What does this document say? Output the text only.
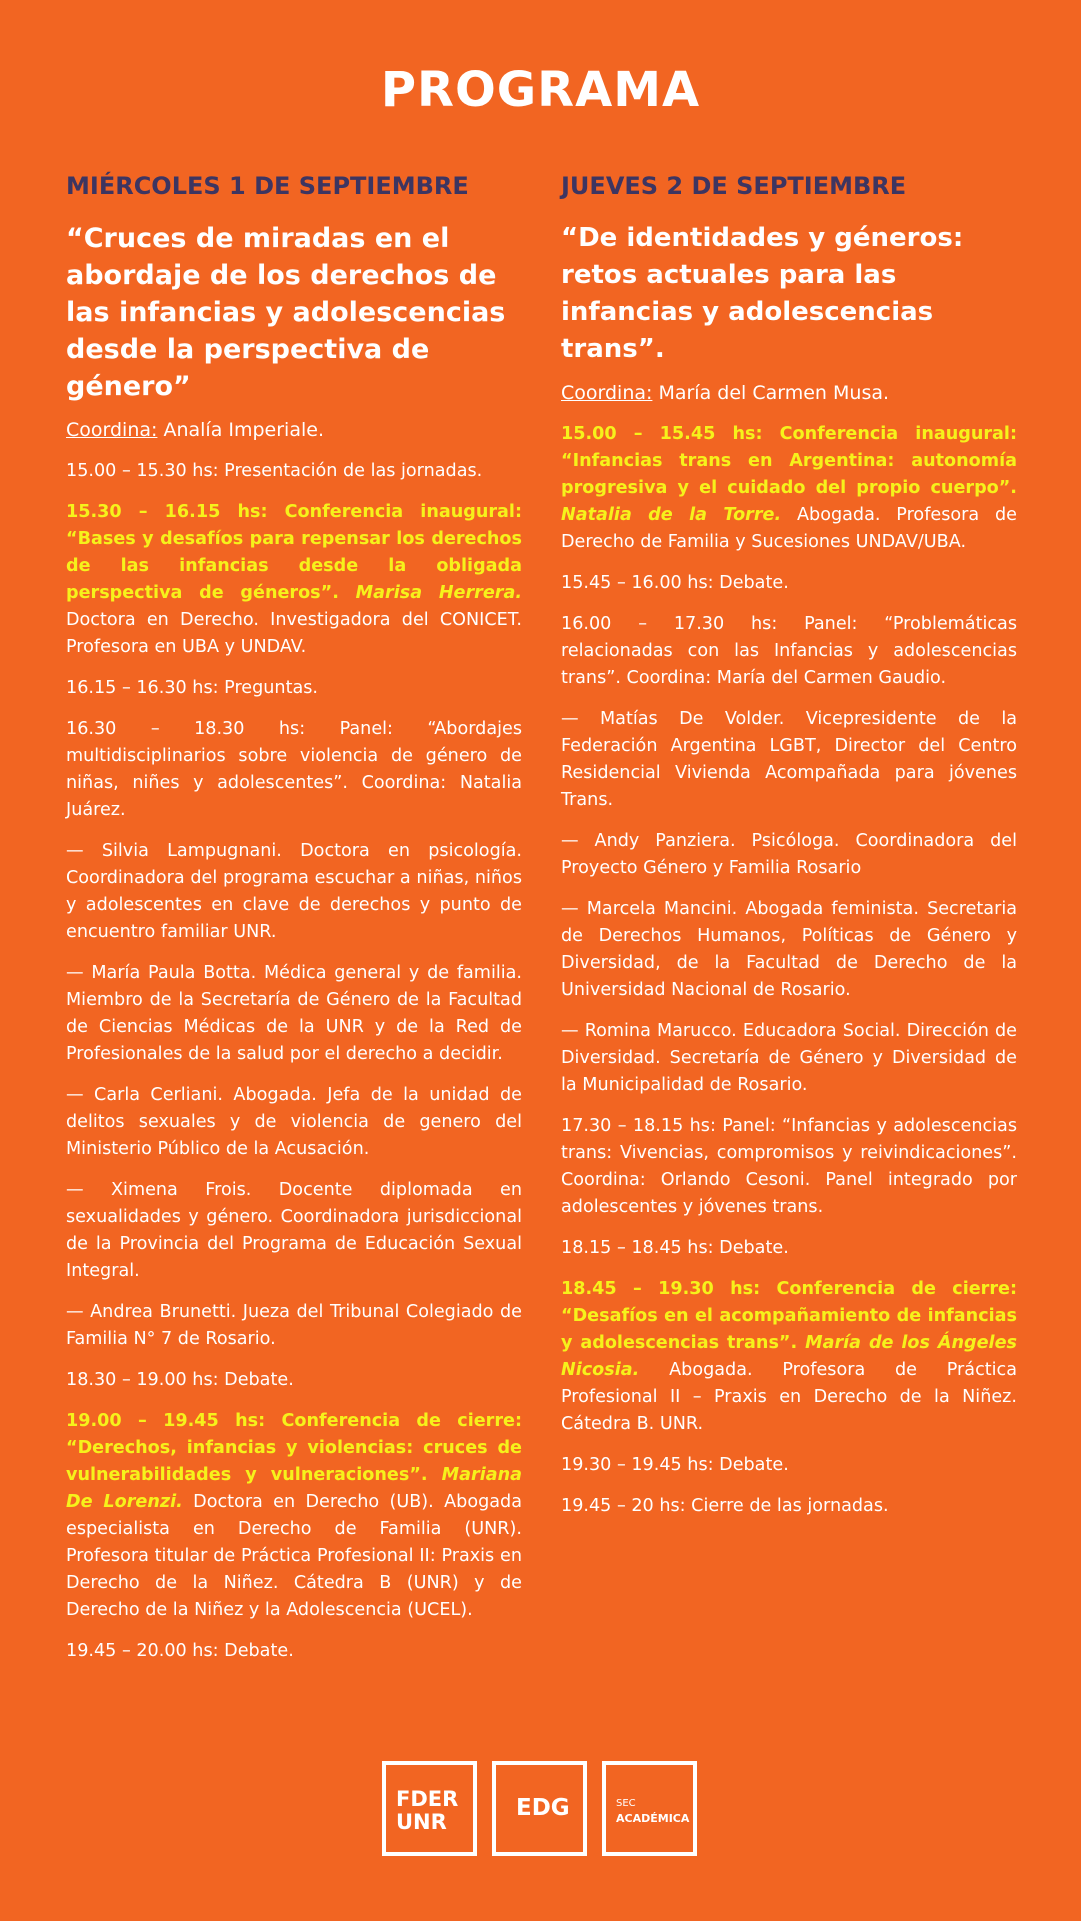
PROGRAMA
MIÉRCOLES 1 DE SEPTIEMBRE
“Cruces de miradas en el abordaje de los derechos de las infancias y adolescencias desde la perspectiva de género”
Coordina: Analía Imperiale.

15.00 – 15.30 hs: Presentación de las jornadas.

15.30 – 16.15 hs: Conferencia inaugural: “Bases y desafíos para repensar los derechos de las infancias desde la obligada perspectiva de géneros”. Marisa Herrera. Doctora en Derecho. Investigadora del CONICET. Profesora en UBA y UNDAV.

16.15 – 16.30 hs: Preguntas.

16.30 – 18.30 hs: Panel: “Abordajes multidisciplinarios sobre violencia de género de niñas, niñes y adolescentes”. Coordina: Natalia Juárez.

— Silvia Lampugnani. Doctora en psicología. Coordinadora del programa escuchar a niñas, niños y adolescentes en clave de derechos y punto de encuentro familiar UNR.

— María Paula Botta. Médica general y de familia. Miembro de la Secretaría de Género de la Facultad de Ciencias Médicas de la UNR y de la Red de Profesionales de la salud por el derecho a decidir.

— Carla Cerliani. Abogada. Jefa de la unidad de delitos sexuales y de violencia de genero del Ministerio Público de la Acusación.

— Ximena Frois. Docente diplomada en sexualidades y género. Coordinadora jurisdiccional de la Provincia del Programa de Educación Sexual Integral.

— Andrea Brunetti. Jueza del Tribunal Colegiado de Familia N° 7 de Rosario.

18.30 – 19.00 hs: Debate.

19.00 – 19.45 hs: Conferencia de cierre: “Derechos, infancias y violencias: cruces de vulnerabilidades y vulneraciones”. Mariana De Lorenzi. Doctora en Derecho (UB). Abogada especialista en Derecho de Familia (UNR). Profesora titular de Práctica Profesional II: Praxis en Derecho de la Niñez. Cátedra B (UNR) y de Derecho de la Niñez y la Adolescencia (UCEL).

19.45 – 20.00 hs: Debate.

JUEVES 2 DE SEPTIEMBRE
“De identidades y géneros: retos actuales para las infancias y adolescencias trans”.
Coordina: María del Carmen Musa.

15.00 – 15.45 hs: Conferencia inaugural: “Infancias trans en Argentina: autonomía progresiva y el cuidado del propio cuerpo”. Natalia de la Torre. Abogada. Profesora de Derecho de Familia y Sucesiones UNDAV/UBA.

15.45 – 16.00 hs: Debate.

16.00 – 17.30 hs: Panel: “Problemáticas relacionadas con las Infancias y adolescencias trans”. Coordina: María del Carmen Gaudio.

— Matías De Volder. Vicepresidente de la Federación Argentina LGBT, Director del Centro Residencial Vivienda Acompañada para jóvenes Trans.

— Andy Panziera. Psicóloga. Coordinadora del Proyecto Género y Familia Rosario

— Marcela Mancini. Abogada feminista. Secretaria de Derechos Humanos, Políticas de Género y Diversidad, de la Facultad de Derecho de la Universidad Nacional de Rosario.

— Romina Marucco. Educadora Social. Dirección de Diversidad. Secretaría de Género y Diversidad de la Municipalidad de Rosario.

17.30 – 18.15 hs: Panel: “Infancias y adolescencias trans: Vivencias, compromisos y reivindicaciones”. Coordina: Orlando Cesoni. Panel integrado por adolescentes y jóvenes trans.

18.15 – 18.45 hs: Debate.

18.45 – 19.30 hs: Conferencia de cierre: “Desafíos en el acompañamiento de infancias y adolescencias trans”. María de los Ángeles Nicosia. Abogada. Profesora de Práctica Profesional II – Praxis en Derecho de la Niñez. Cátedra B. UNR.

19.30 – 19.45 hs: Debate.

19.45 – 20 hs: Cierre de las jornadas.

FDER
UNR
EDG	SEC
ACADÉMICA
